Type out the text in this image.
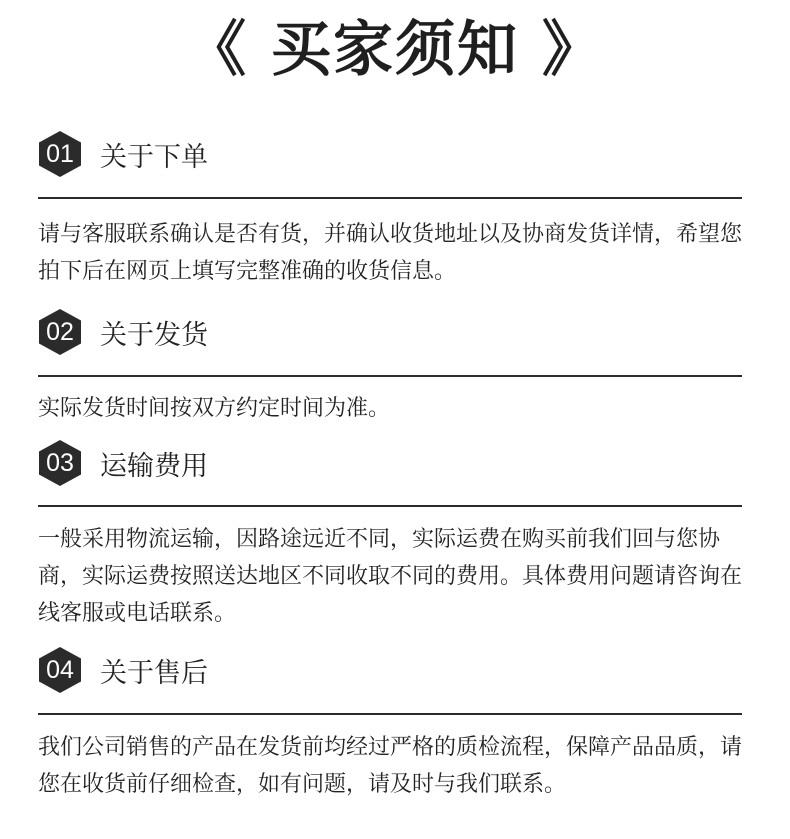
《 买家须知 》
01 关于下单
请与客服联系确认是否有货，并确认收货地址以及协商发货详情，希望您拍下后在网页上填写完整准确的收货信息。
02 关于发货
实际发货时间按双方约定时间为准。
03 运输费用
一般采用物流运输，因路途远近不同，实际运费在购买前我们回与您协商，实际运费按照送达地区不同收取不同的费用。具体费用问题请咨询在线客服或电话联系。
04 关于售后
我们公司销售的产品在发货前均经过严格的质检流程，保障产品品质，请您在收货前仔细检查，如有问题，请及时与我们联系。
